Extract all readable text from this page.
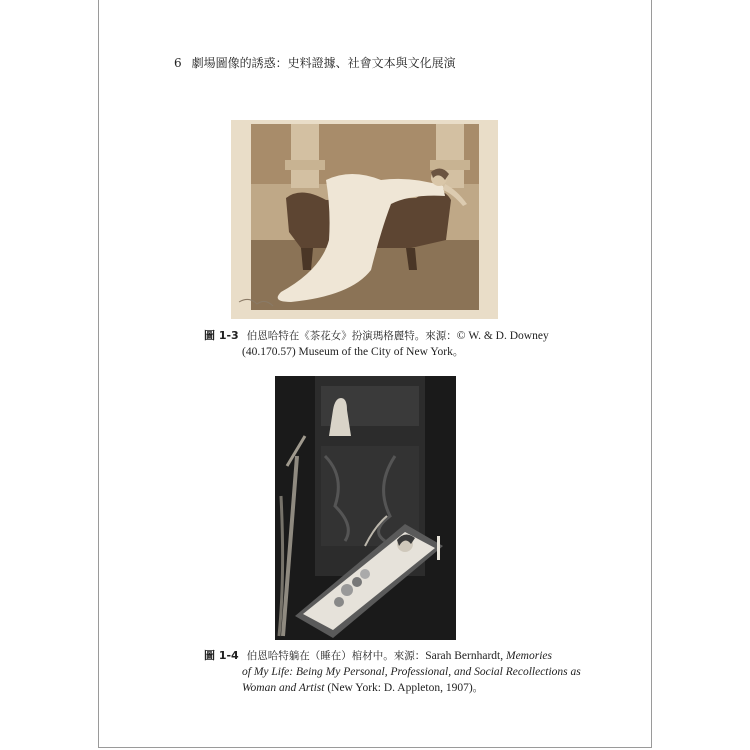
6 劇場圖像的誘惑：史料證據、社會文本與文化展演
圖 1-3 伯恩哈特在《茶花女》扮演瑪格麗特。來源：© W. & D. Downey
(40.170.57) Museum of the City of New York。
圖 1-4 伯恩哈特躺在（睡在）棺材中。來源：Sarah Bernhardt, Memories
of My Life: Being My Personal, Professional, and Social Recollections as
Woman and Artist (New York: D. Appleton, 1907)。
